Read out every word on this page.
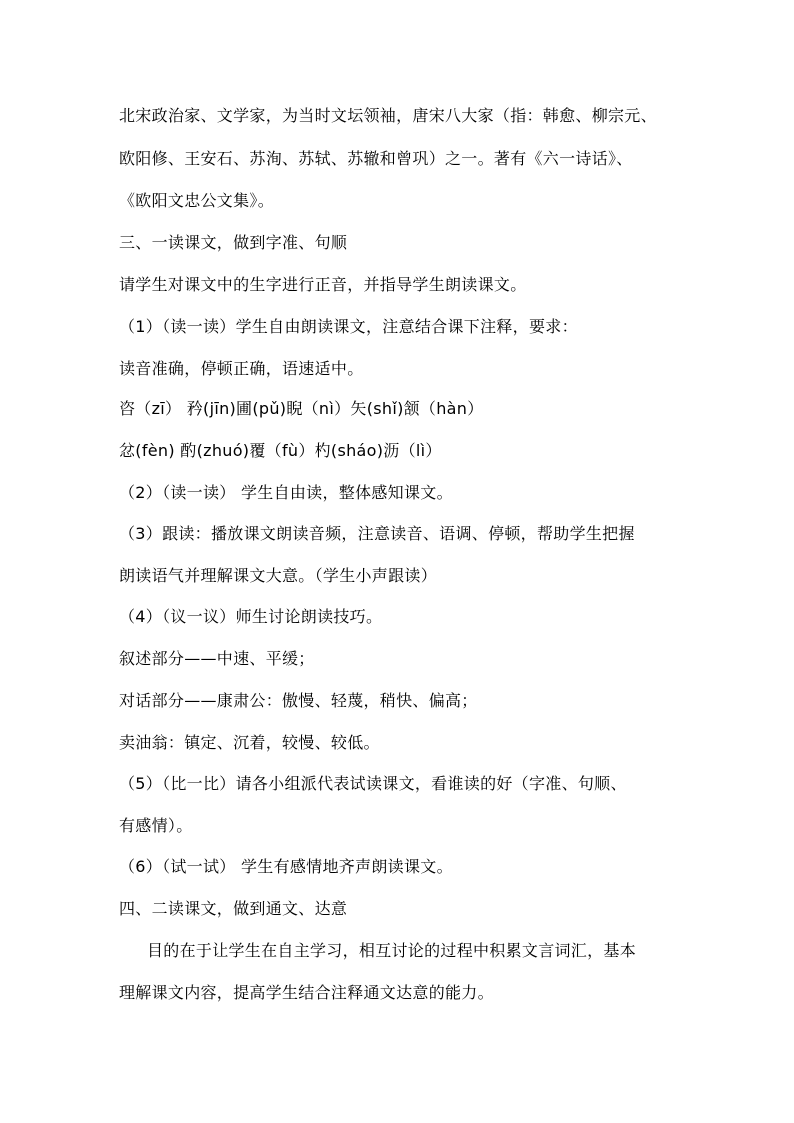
北宋政治家、文学家，为当时文坛领袖，唐宋八大家（指：韩愈、柳宗元、
欧阳修、王安石、苏洵、苏轼、苏辙和曾巩）之一。著有《六一诗话》、
《欧阳文忠公文集》。
三、一读课文，做到字准、句顺
请学生对课文中的生字进行正音，并指导学生朗读课文。
（1）（读一读）学生自由朗读课文，注意结合课下注释，要求：
读音准确，停顿正确，语速适中。
咨（zī） 矜(jīn)圃(pǔ)睨（nì）矢(shǐ)颔（hàn）
忿(fèn) 酌(zhuó)覆（fù）杓(sháo)沥（lì）
（2）（读一读） 学生自由读，整体感知课文。
（3）跟读：播放课文朗读音频，注意读音、语调、停顿，帮助学生把握
朗读语气并理解课文大意。（学生小声跟读）
（4）（议一议）师生讨论朗读技巧。
叙述部分——中速、平缓；
对话部分——康肃公：傲慢、轻蔑，稍快、偏高；
卖油翁：镇定、沉着，较慢、较低。
（5）（比一比）请各小组派代表试读课文，看谁读的好（字准、句顺、
有感情）。
（6）（试一试） 学生有感情地齐声朗读课文。
四、二读课文，做到通文、达意
目的在于让学生在自主学习，相互讨论的过程中积累文言词汇，基本
理解课文内容，提高学生结合注释通文达意的能力。
